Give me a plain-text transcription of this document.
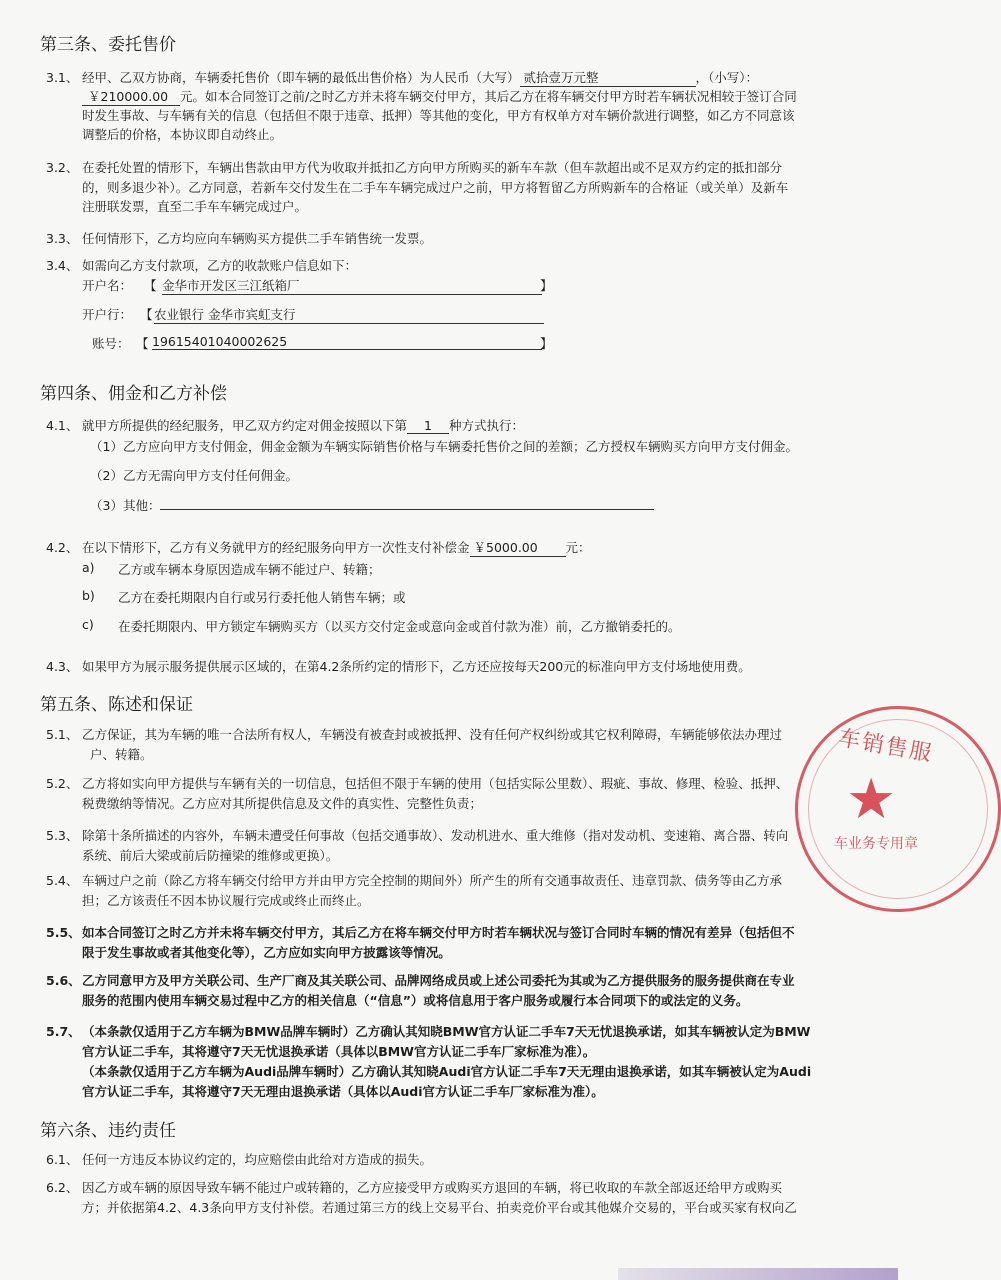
第三条、委托售价
3.1、 经甲、乙双方协商，车辆委托售价（即车辆的最低出售价格）为人民币（大写） 贰拾壹万元整	，（小写）：
￥210000.00 元。如本合同签订之前/之时乙方并未将车辆交付甲方，其后乙方在将车辆交付甲方时若车辆状况相较于签订合同
时发生事故、与车辆有关的信息（包括但不限于违章、抵押）等其他的变化，甲方有权单方对车辆价款进行调整，如乙方不同意该
调整后的价格，本协议即自动终止。
3.2、 在委托处置的情形下，车辆出售款由甲方代为收取并抵扣乙方向甲方所购买的新车车款（但车款超出或不足双方约定的抵扣部分
的，则多退少补）。乙方同意，若新车交付发生在二手车车辆完成过户之前，甲方将暂留乙方所购新车的合格证（或关单）及新车
注册联发票，直至二手车车辆完成过户。
3.3、 任何情形下，乙方均应向车辆购买方提供二手车销售统一发票。
3.4、 如需向乙方支付款项，乙方的收款账户信息如下：
开户名： 【 金华市开发区三江纸箱厂	】
开户行： 【 农业银行 金华市宾虹支行
账号： 【 19615401040002625	】
第四条、佣金和乙方补偿
4.1、 就甲方所提供的经纪服务，甲乙双方约定对佣金按照以下第 1 种方式执行：
（1）乙方应向甲方支付佣金，佣金金额为车辆实际销售价格与车辆委托售价之间的差额；乙方授权车辆购买方向甲方支付佣金。
（2）乙方无需向甲方支付任何佣金。
（3）其他：
4.2、 在以下情形下，乙方有义务就甲方的经纪服务向甲方一次性支付补偿金 ￥5000.00 元：
a) 乙方或车辆本身原因造成车辆不能过户、转籍；
b) 乙方在委托期限内自行或另行委托他人销售车辆；或
c) 在委托期限内、甲方锁定车辆购买方（以买方交付定金或意向金或首付款为准）前，乙方撤销委托的。
4.3、 如果甲方为展示服务提供展示区域的，在第4.2条所约定的情形下，乙方还应按每天200元的标准向甲方支付场地使用费。
第五条、陈述和保证
5.1、 乙方保证，其为车辆的唯一合法所有权人，车辆没有被查封或被抵押、没有任何产权纠纷或其它权利障碍，车辆能够依法办理过
户、转籍。
5.2、 乙方将如实向甲方提供与车辆有关的一切信息，包括但不限于车辆的使用（包括实际公里数）、瑕疵、事故、修理、检验、抵押、
税费缴纳等情况。乙方应对其所提供信息及文件的真实性、完整性负责；
5.3、 除第十条所描述的内容外，车辆未遭受任何事故（包括交通事故）、发动机进水、重大维修（指对发动机、变速箱、离合器、转向
系统、前后大梁或前后防撞梁的维修或更换）。
5.4、 车辆过户之前（除乙方将车辆交付给甲方并由甲方完全控制的期间外）所产生的所有交通事故责任、违章罚款、债务等由乙方承
担；乙方该责任不因本协议履行完成或终止而终止。
5.5、 如本合同签订之时乙方并未将车辆交付甲方，其后乙方在将车辆交付甲方时若车辆状况与签订合同时车辆的情况有差异（包括但不
限于发生事故或者其他变化等），乙方应如实向甲方披露该等情况。
5.6、 乙方同意甲方及甲方关联公司、生产厂商及其关联公司、品牌网络成员或上述公司委托为其或为乙方提供服务的服务提供商在专业
服务的范围内使用车辆交易过程中乙方的相关信息（“信息”）或将信息用于客户服务或履行本合同项下的或法定的义务。
5.7、 （本条款仅适用于乙方车辆为BMW品牌车辆时）乙方确认其知晓BMW官方认证二手车7天无忧退换承诺，如其车辆被认定为BMW
官方认证二手车，其将遵守7天无忧退换承诺（具体以BMW官方认证二手车厂家标准为准）。
（本条款仅适用于乙方车辆为Audi品牌车辆时）乙方确认其知晓Audi官方认证二手车7天无理由退换承诺，如其车辆被认定为Audi
官方认证二手车，其将遵守7天无理由退换承诺（具体以Audi官方认证二手车厂家标准为准）。
第六条、违约责任
6.1、 任何一方违反本协议约定的，均应赔偿由此给对方造成的损失。
6.2、 因乙方或车辆的原因导致车辆不能过户或转籍的，乙方应接受甲方或购买方退回的车辆，将已收取的车款全部返还给甲方或购买
方；并依据第4.2、4.3条向甲方支付补偿。若通过第三方的线上交易平台、拍卖竞价平台或其他媒介交易的，平台或买家有权向乙
车销售服
★
车业务专用章
